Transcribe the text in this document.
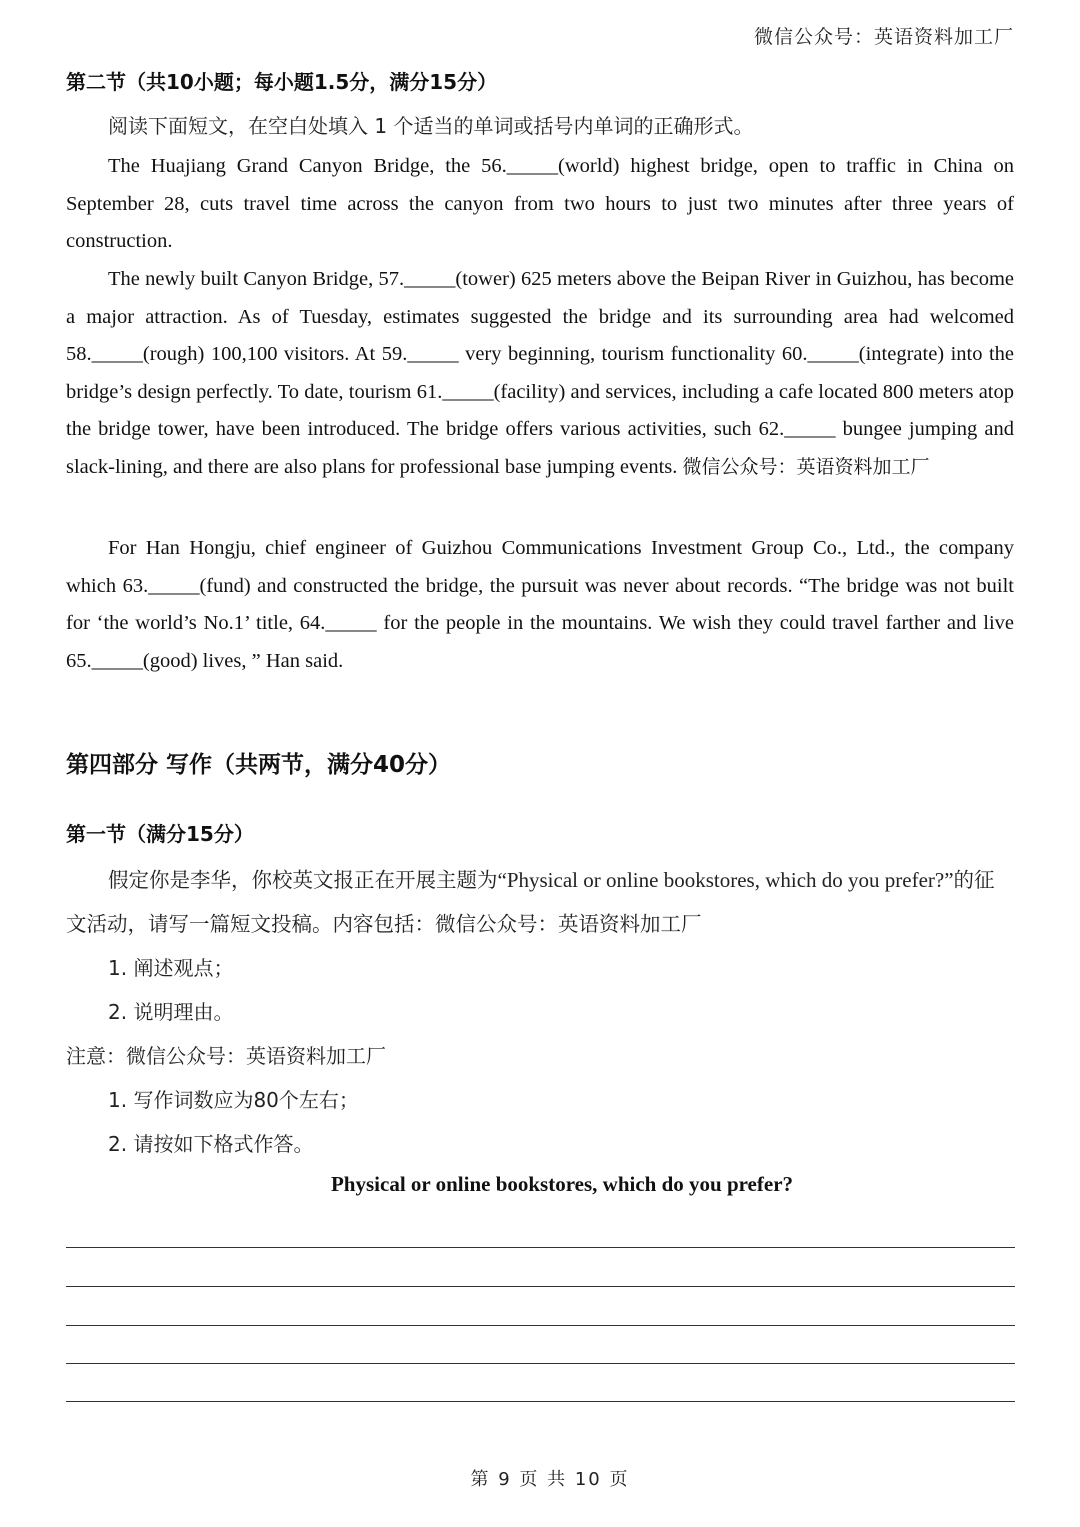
微信公众号：英语资料加工厂
第二节（共10小题；每小题1.5分，满分15分）
阅读下面短文，在空白处填入 1 个适当的单词或括号内单词的正确形式。
The Huajiang Grand Canyon Bridge, the 56._____(world) highest bridge, open to traffic in China on September 28, cuts travel time across the canyon from two hours to just two minutes after three years of construction.
The newly built Canyon Bridge, 57._____(tower) 625 meters above the Beipan River in Guizhou, has become a major attraction. As of Tuesday, estimates suggested the bridge and its surrounding area had welcomed 58._____(rough) 100,100 visitors. At 59._____ very beginning, tourism functionality 60._____(integrate) into the bridge’s design perfectly. To date, tourism 61._____(facility) and services, including a cafe located 800 meters atop the bridge tower, have been introduced. The bridge offers various activities, such 62._____ bungee jumping and slack-lining, and there are also plans for professional base jumping events. 微信公众号：英语资料加工厂
For Han Hongju, chief engineer of Guizhou Communications Investment Group Co., Ltd., the company which 63._____(fund) and constructed the bridge, the pursuit was never about records. “The bridge was not built for ‘the world’s No.1’ title, 64._____ for the people in the mountains. We wish they could travel farther and live 65._____(good) lives, ” Han said.
第四部分 写作（共两节，满分40分）
第一节（满分15分）
假定你是李华，你校英文报正在开展主题为“Physical or online bookstores, which do you prefer?”的征文活动，请写一篇短文投稿。内容包括：微信公众号：英语资料加工厂
1. 阐述观点；
2. 说明理由。
注意：微信公众号：英语资料加工厂
1. 写作词数应为80个左右；
2. 请按如下格式作答。
Physical or online bookstores, which do you prefer?
第 9 页 共 10 页
